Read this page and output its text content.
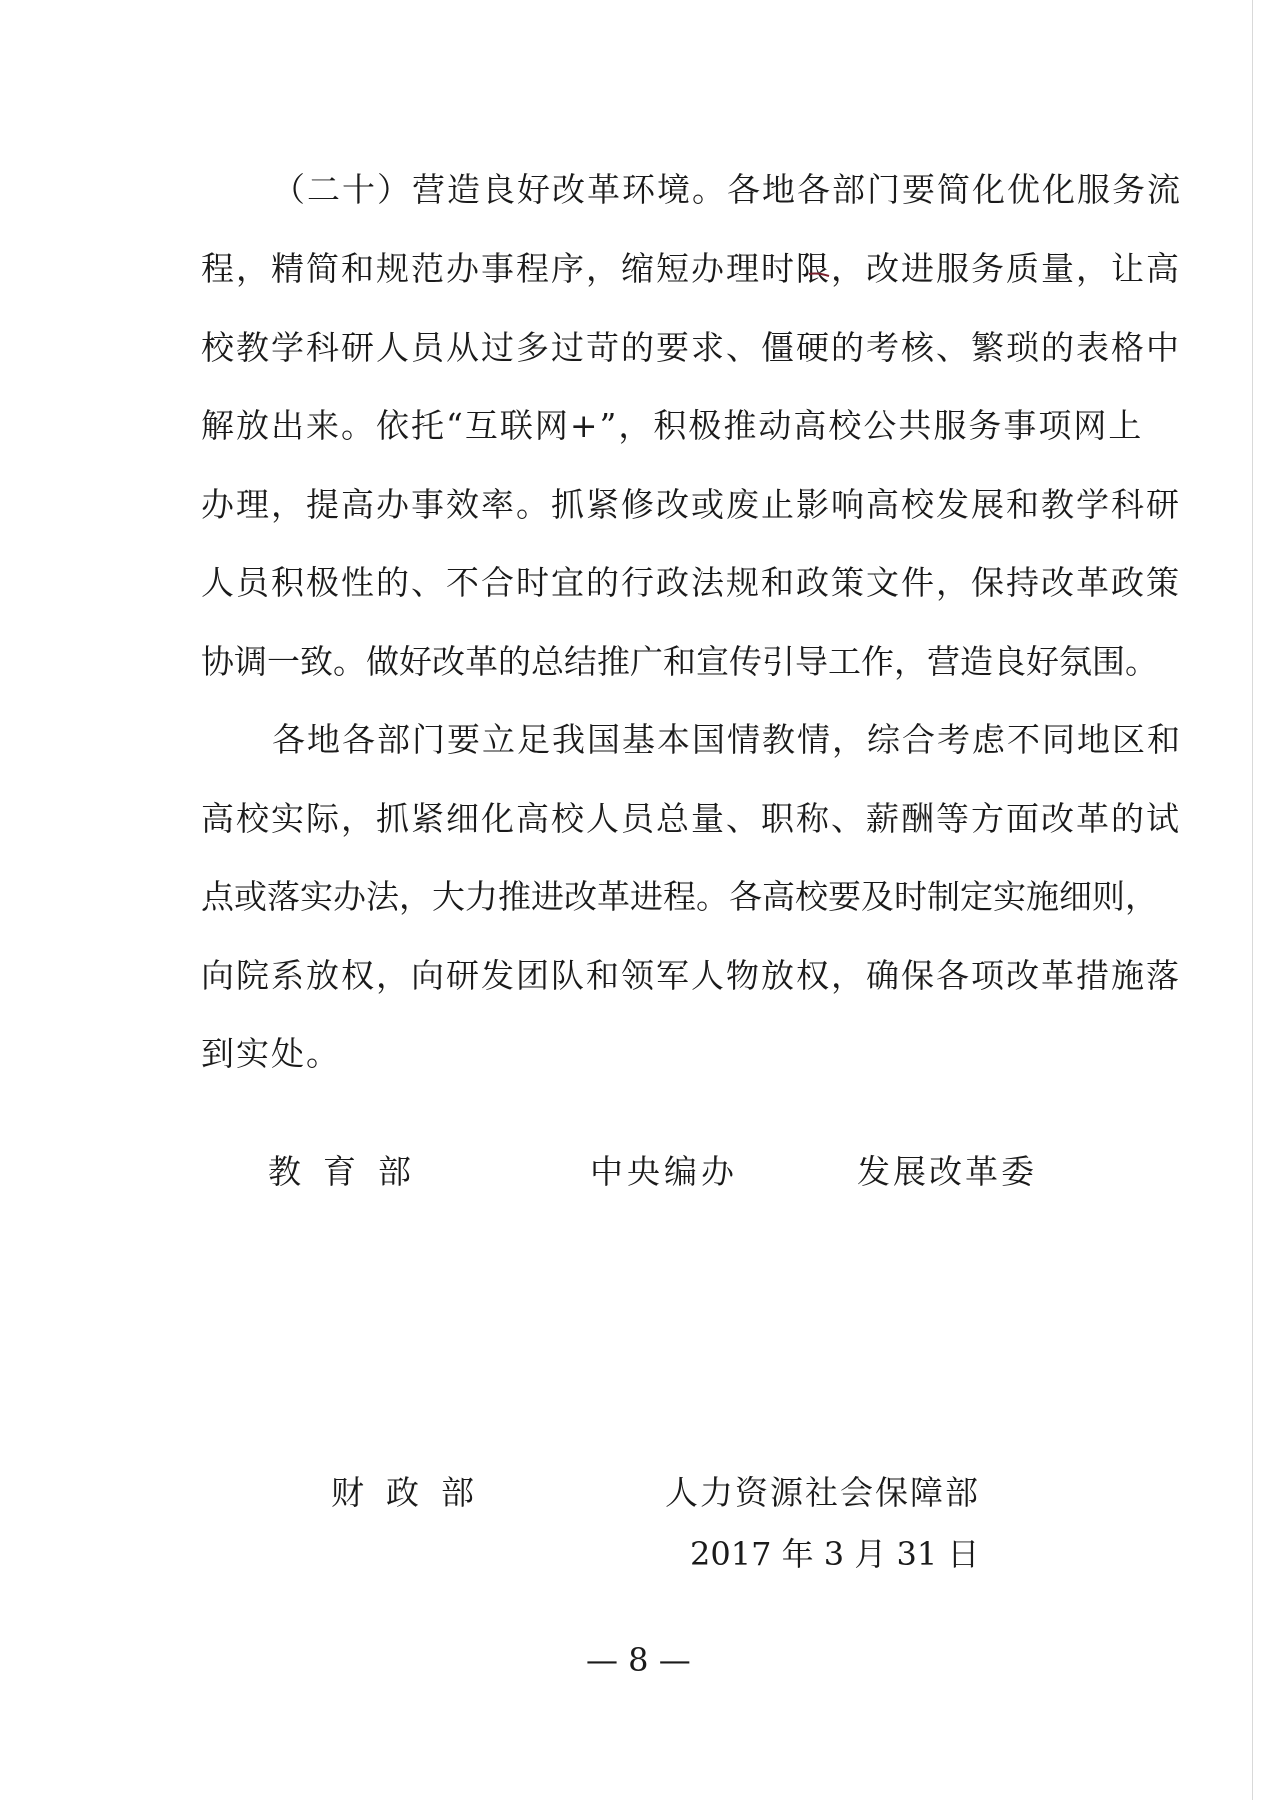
（二十）营造良好改革环境。各地各部门要简化优化服务流
程，精简和规范办事程序，缩短办理时限，改进服务质量，让高
校教学科研人员从过多过苛的要求、僵硬的考核、繁琐的表格中
解放出来。依托“互联网+”，积极推动高校公共服务事项网上
办理，提高办事效率。抓紧修改或废止影响高校发展和教学科研
人员积极性的、不合时宜的行政法规和政策文件，保持改革政策
协调一致。做好改革的总结推广和宣传引导工作，营造良好氛围。
各地各部门要立足我国基本国情教情，综合考虑不同地区和
高校实际，抓紧细化高校人员总量、职称、薪酬等方面改革的试
点或落实办法，大力推进改革进程。各高校要及时制定实施细则，
向院系放权，向研发团队和领军人物放权，确保各项改革措施落
到实处。
教育部	中央编办	发展改革委
财政部	人力资源社会保障部
2017 年 3 月 31 日
— 8 —
